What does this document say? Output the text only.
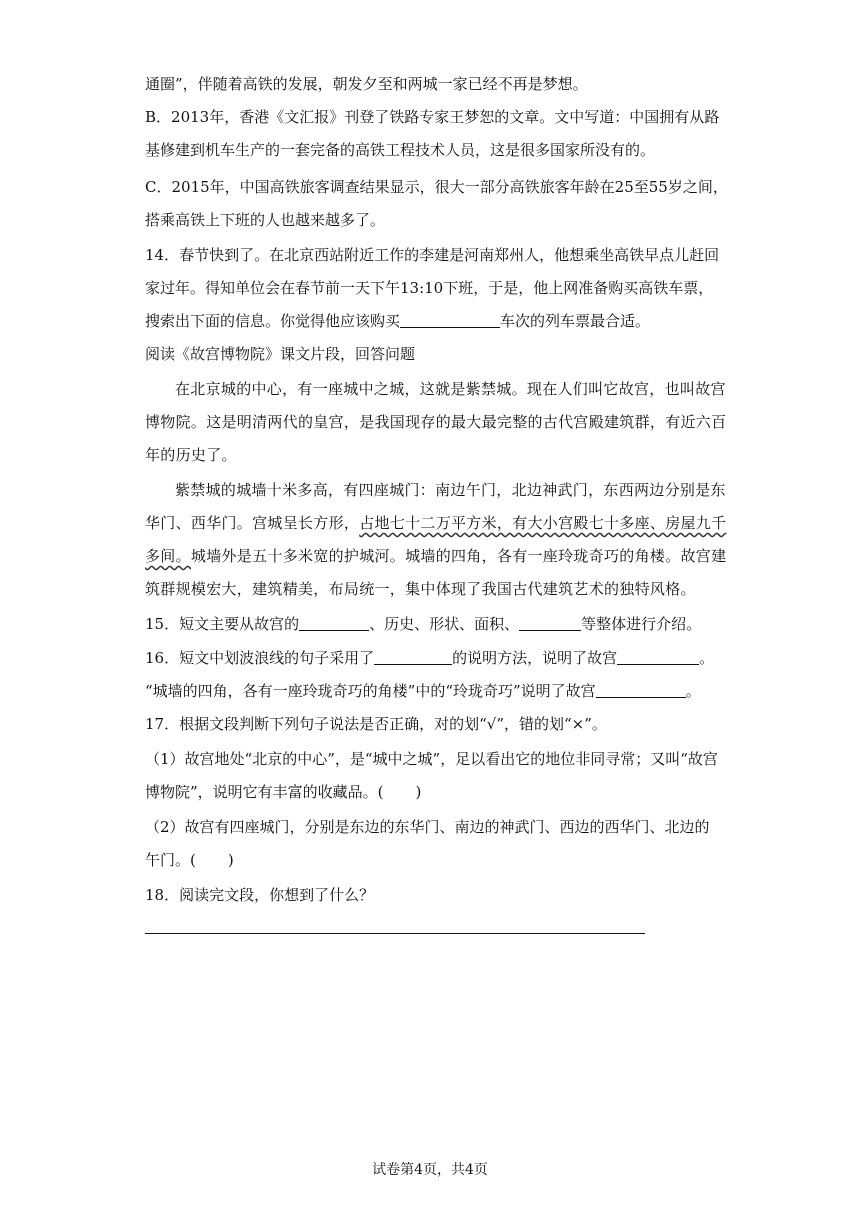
通圈”，伴随着高铁的发展，朝发夕至和两城一家已经不再是梦想。
B．2013年，香港《文汇报》刊登了铁路专家王梦恕的文章。文中写道：中国拥有从路
基修建到机车生产的一套完备的高铁工程技术人员，这是很多国家所没有的。
C．2015年，中国高铁旅客调查结果显示，很大一部分高铁旅客年龄在25至55岁之间，
搭乘高铁上下班的人也越来越多了。
14．春节快到了。在北京西站附近工作的李建是河南郑州人，他想乘坐高铁早点儿赶回
家过年。得知单位会在春节前一天下午13:10下班，于是，他上网准备购买高铁车票，
搜索出下面的信息。你觉得他应该购买	车次的列车票最合适。
阅读《故宫博物院》课文片段，回答问题
在北京城的中心，有一座城中之城，这就是紫禁城。现在人们叫它故宫，也叫故宫
博物院。这是明清两代的皇宫，是我国现存的最大最完整的古代宫殿建筑群，有近六百
年的历史了。
紫禁城的城墙十米多高，有四座城门：南边午门，北边神武门，东西两边分别是东
华门、西华门。宫城呈长方形，占地七十二万平方米，有大小宫殿七十多座、房屋九千
多间。城墙外是五十多米宽的护城河。城墙的四角，各有一座玲珑奇巧的角楼。故宫建
筑群规模宏大，建筑精美，布局统一，集中体现了我国古代建筑艺术的独特风格。
15．短文主要从故宫的	、历史、形状、面积、	等整体进行介绍。
16．短文中划波浪线的句子采用了	的说明方法，说明了故宫	。
“城墙的四角，各有一座玲珑奇巧的角楼”中的“玲珑奇巧”说明了故宫	。
17．根据文段判断下列句子说法是否正确，对的划“√”，错的划“×”。
（1）故宫地处“北京的中心”，是“城中之城”，足以看出它的地位非同寻常；又叫“故宫
博物院”，说明它有丰富的收藏品。( )
（2）故宫有四座城门，分别是东边的东华门、南边的神武门、西边的西华门、北边的
午门。( )
18．阅读完文段，你想到了什么？
试卷第4页，共4页
